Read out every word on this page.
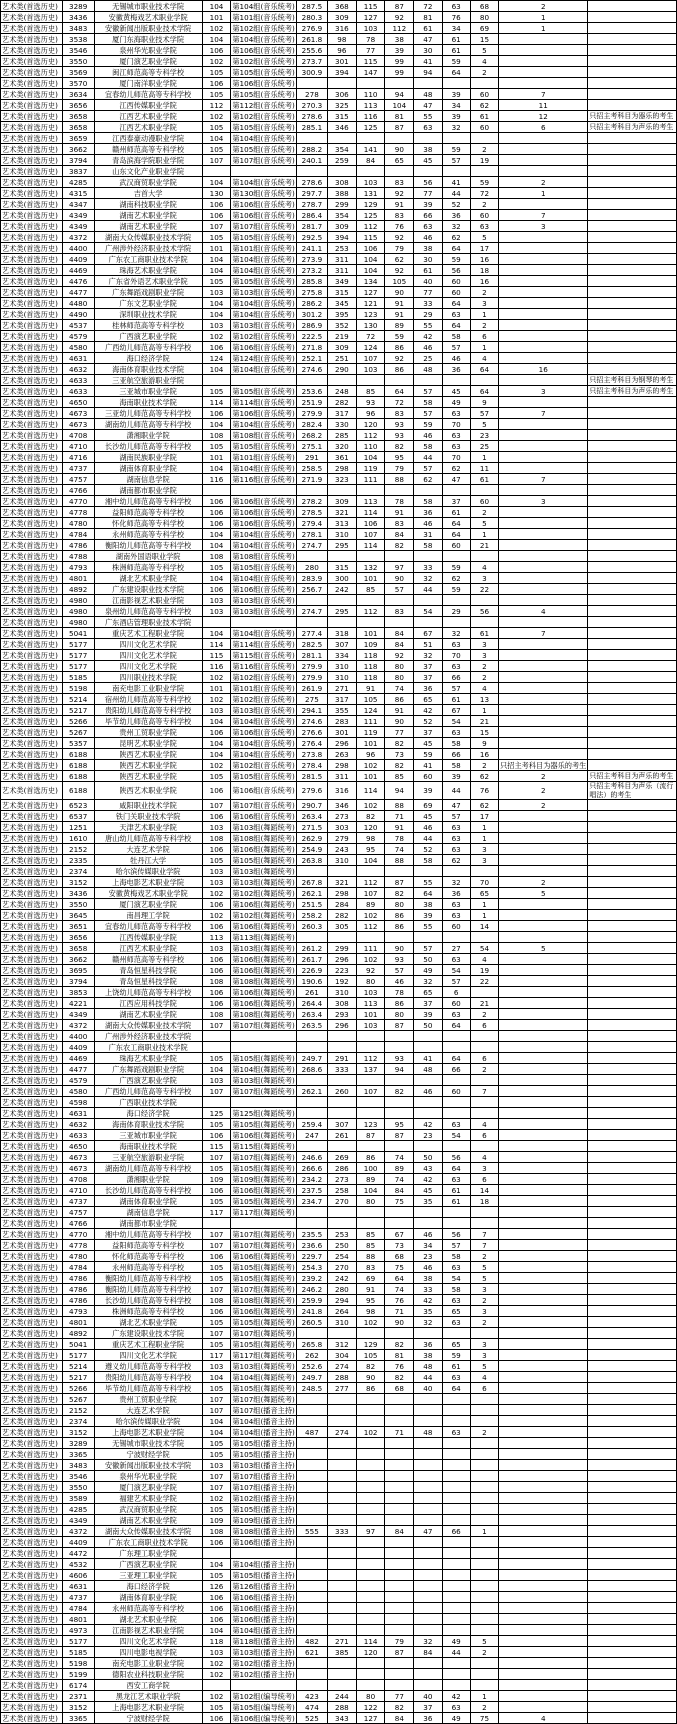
艺术类(首选历史)	3289	无锡城市职业技术学院	104	第104组(音乐统考)	287.5	368	115	87	72	63	68	2	
艺术类(首选历史)	3436	安徽黄梅戏艺术职业学院	101	第101组(音乐统考)	280.3	309	127	92	81	76	80	1	
艺术类(首选历史)	3483	安徽新闻出版职业技术学院	102	第102组(音乐统考)	276.9	316	103	112	61	34	69	1	
艺术类(首选历史)	3538	厦门东海职业技术学院	104	第104组(音乐统考)	261.8	98	78	38	47	61	15		
艺术类(首选历史)	3546	泉州华光职业学院	106	第106组(音乐统考)	255.6	96	77	39	30	61	5		
艺术类(首选历史)	3550	厦门演艺职业学院	102	第102组(音乐统考)	273.7	301	115	99	41	59	4		
艺术类(首选历史)	3569	闽江师范高等专科学校	105	第105组(音乐统考)	300.9	394	147	99	94	64	2		
艺术类(首选历史)	3570	厦门南洋职业学院	106	第106组(音乐统考)									
艺术类(首选历史)	3634	宜春幼儿师范高等专科学校	105	第105组(音乐统考)	278	306	110	94	48	39	60	7	
艺术类(首选历史)	3656	江西传媒职业学院	112	第112组(音乐统考)	270.3	325	113	104	47	34	62	11	
艺术类(首选历史)	3658	江西艺术职业学院	102	第102组(音乐统考)	278.6	315	116	81	55	39	61	12	只招主考科目为器乐的考生
艺术类(首选历史)	3658	江西艺术职业学院	105	第105组(音乐统考)	285.1	346	125	87	63	32	60	6	只招主考科目为声乐的考生
艺术类(首选历史)	3659	江西泰豪动漫职业学院	104	第104组(音乐统考)									
艺术类(首选历史)	3662	赣州师范高等专科学校	105	第105组(音乐统考)	288.2	354	141	90	38	59	2		
艺术类(首选历史)	3794	青岛滨海学院职业学院	107	第107组(音乐统考)	240.1	259	84	65	45	57	19		
艺术类(首选历史)	3837	山东文化产业职业学院											
艺术类(首选历史)	4285	武汉商贸职业学院	104	第104组(音乐统考)	278.6	308	103	83	56	41	59	2	
艺术类(首选历史)	4315	吉首大学	130	第130组(音乐统考)	297.7	388	131	92	77	44	72	1	
艺术类(首选历史)	4347	湖南科技职业学院	106	第106组(音乐统考)	278.7	299	129	91	39	52	2		
艺术类(首选历史)	4349	湖南艺术职业学院	106	第106组(音乐统考)	286.4	354	125	83	66	36	60	7	
艺术类(首选历史)	4349	湖南艺术职业学院	107	第107组(音乐统考)	281.7	309	112	76	63	32	63	3	
艺术类(首选历史)	4372	湖南大众传媒职业技术学院	105	第105组(音乐统考)	292.5	394	115	92	46	62	5		
艺术类(首选历史)	4400	广州涉外经济职业技术学院	101	第101组(音乐统考)	241.1	253	106	79	38	64	17		
艺术类(首选历史)	4409	广东农工商职业技术学院	104	第104组(音乐统考)	273.9	311	104	62	30	59	16		
艺术类(首选历史)	4469	珠海艺术职业学院	104	第104组(音乐统考)	273.2	311	104	92	61	56	18		
艺术类(首选历史)	4476	广东省外语艺术职业学院	105	第105组(音乐统考)	285.8	349	134	105	40	60	16		
艺术类(首选历史)	4477	广东舞蹈戏剧职业学院	103	第103组(音乐统考)	275.8	315	127	90	77	60	2		
艺术类(首选历史)	4480	广东文艺职业学院	104	第104组(音乐统考)	286.2	345	121	91	33	64	3		
艺术类(首选历史)	4490	深圳职业技术学院	104	第104组(音乐统考)	301.2	395	123	91	29	63	1		
艺术类(首选历史)	4537	桂林师范高等专科学校	103	第103组(音乐统考)	286.9	352	130	89	55	64	2		
艺术类(首选历史)	4579	广西演艺职业学院	102	第102组(音乐统考)	222.5	219	72	59	42	58	6		
艺术类(首选历史)	4580	广西幼儿师范高等专科学校	106	第106组(音乐统考)	271.8	309	124	86	46	57	1		
艺术类(首选历史)	4631	海口经济学院	124	第124组(音乐统考)	252.1	251	107	92	25	46	4		
艺术类(首选历史)	4632	海南体育职业技术学院	104	第104组(音乐统考)	274.6	290	103	86	48	36	64	16	
艺术类(首选历史)	4633	三亚航空旅游职业学院											只招主考科目为钢琴的考生
艺术类(首选历史)	4633	三亚城市职业学院	105	第105组(音乐统考)	253.6	248	85	64	57	45	64	3	只招主考科目为声乐的考生
艺术类(首选历史)	4650	海南职业技术学院	114	第114组(音乐统考)	251.9	282	93	72	58	49	9		
艺术类(首选历史)	4673	三亚幼儿师范高等专科学校	106	第106组(音乐统考)	279.9	317	96	83	57	63	57	7	
艺术类(首选历史)	4673	湖南幼儿师范高等专科学校	104	第104组(音乐统考)	282.4	330	120	93	59	70	5		
艺术类(首选历史)	4708	潇湘职业学院	108	第108组(音乐统考)	268.2	285	112	93	46	63	23		
艺术类(首选历史)	4710	长沙幼儿师范高等专科学校	105	第105组(音乐统考)	275.1	320	110	82	58	63	25		
艺术类(首选历史)	4716	湖南民族职业学院	101	第101组(音乐统考)	291	361	104	95	44	70	1		
艺术类(首选历史)	4737	湖南体育职业学院	104	第104组(音乐统考)	258.5	298	119	79	57	62	11		
艺术类(首选历史)	4757	湖南信息学院	116	第116组(音乐统考)	271.9	323	111	88	62	47	61	7	
艺术类(首选历史)	4766	湖南都市职业学院											
艺术类(首选历史)	4770	湘中幼儿师范高等专科学校	106	第106组(音乐统考)	278.2	309	113	78	58	37	60	3	
艺术类(首选历史)	4778	益阳师范高等专科学校	106	第106组(音乐统考)	278.5	321	114	91	36	61	2		
艺术类(首选历史)	4780	怀化师范高等专科学校	106	第106组(音乐统考)	279.4	313	106	83	46	64	5		
艺术类(首选历史)	4784	永州师范高等专科学校	104	第104组(音乐统考)	278.1	310	107	84	31	64	1		
艺术类(首选历史)	4786	衡阳幼儿师范高等专科学校	104	第104组(音乐统考)	274.7	295	114	82	58	60	21		
艺术类(首选历史)	4788	湖南外国语职业学院	108	第108组(音乐统考)									
艺术类(首选历史)	4793	株洲师范高等专科学校	105	第105组(音乐统考)	280	315	132	97	33	59	4		
艺术类(首选历史)	4801	湖北艺术职业学院	104	第104组(音乐统考)	283.9	300	101	90	32	62	3		
艺术类(首选历史)	4892	广东建设职业技术学院	106	第106组(音乐统考)	256.7	242	85	57	44	59	22		
艺术类(首选历史)	4980	江南影视艺术职业学院	103	第103组(音乐统考)									
艺术类(首选历史)	4980	泉州幼儿师范高等专科学校	103	第103组(音乐统考)	274.7	295	112	83	54	29	56	4	
艺术类(首选历史)	4980	广东酒店管理职业技术学院											
艺术类(首选历史)	5041	重庆艺术工程职业学院	104	第104组(音乐统考)	277.4	318	101	84	67	32	61	7	
艺术类(首选历史)	5177	四川文化艺术学院	114	第114组(音乐统考)	282.5	307	109	84	51	63	3		
艺术类(首选历史)	5177	四川文化艺术学院	115	第115组(音乐统考)	281.1	334	118	92	32	70	3		
艺术类(首选历史)	5177	四川文化艺术学院	116	第116组(音乐统考)	279.9	310	118	80	37	63	2		
艺术类(首选历史)	5185	四川职业技术学院	102	第102组(音乐统考)	279.9	310	118	80	37	66	2		
艺术类(首选历史)	5198	南充电影工业职业学院	101	第101组(音乐统考)	261.9	271	91	74	36	57	4		
艺术类(首选历史)	5214	宿州幼儿师范高等专科学校	102	第102组(音乐统考)	275	317	105	86	65	61	13		
艺术类(首选历史)	5217	贵阳幼儿师范高等专科学校	103	第103组(音乐统考)	294.1	355	124	91	42	67	1		
艺术类(首选历史)	5266	毕节幼儿师范高等专科学校	104	第104组(音乐统考)	274.6	283	111	90	52	54	21		
艺术类(首选历史)	5267	贵州工贸职业学院	106	第106组(音乐统考)	276.6	301	119	77	37	63	15		
艺术类(首选历史)	5357	昆明艺术职业学院	104	第104组(音乐统考)	276.4	296	101	82	45	58	9		
艺术类(首选历史)	6188	陕西艺术职业学院	104	第104组(音乐统考)	273.8	263	96	73	59	66	16		
艺术类(首选历史)	6188	陕西艺术职业学院	102	第102组(音乐统考)	278.4	298	102	82	41	58	2	只招主考科目为器乐的考生	
艺术类(首选历史)	6188	陕西艺术职业学院	105	第105组(音乐统考)	281.5	311	101	85	60	39	62	2	只招主考科目为声乐的考生
艺术类(首选历史)	6188	陕西艺术职业学院	106	第106组(音乐统考)	279.6	316	114	94	39	44	76	2	只招主考科目为声乐（流行唱法）的考生
艺术类(首选历史)	6523	咸阳职业技术学院	107	第107组(音乐统考)	290.7	346	102	88	69	47	62	2	
艺术类(首选历史)	6537	铁门关职业技术学院	106	第106组(音乐统考)	263.4	273	82	71	45	57	17		
艺术类(首选历史)	1251	天津艺术职业学院	103	第103组(舞蹈统考)	271.5	303	120	91	46	63	1		
艺术类(首选历史)	1610	唐山幼儿师范高等专科学校	108	第108组(舞蹈统考)	262.9	279	98	78	44	63	1		
艺术类(首选历史)	2152	大连艺术学院	106	第106组(舞蹈统考)	254.9	243	95	74	52	63	3		
艺术类(首选历史)	2335	牡丹江大学	105	第105组(舞蹈统考)	263.8	310	104	88	58	62	3		
艺术类(首选历史)	2374	哈尔滨传媒职业学院	103	第103组(舞蹈统考)									
艺术类(首选历史)	3152	上海电影艺术职业学院	103	第103组(舞蹈统考)	267.8	321	112	87	55	32	70	2	
艺术类(首选历史)	3436	安徽黄梅戏艺术职业学院	102	第102组(舞蹈统考)	262.1	298	107	82	64	36	65	5	
艺术类(首选历史)	3550	厦门演艺职业学院	106	第106组(舞蹈统考)	251.5	284	89	80	38	63	1		
艺术类(首选历史)	3645	南昌理工学院	102	第102组(舞蹈统考)	258.2	282	102	86	39	63	1		
艺术类(首选历史)	3651	宜春幼儿师范高等专科学校	106	第106组(舞蹈统考)	260.3	305	112	86	55	60	14		
艺术类(首选历史)	3656	江西传媒职业学院	113	第113组(舞蹈统考)									
艺术类(首选历史)	3658	江西艺术职业学院	103	第103组(舞蹈统考)	261.2	299	111	90	57	27	54	5	
艺术类(首选历史)	3662	赣州师范高等专科学校	106	第106组(舞蹈统考)	261.7	296	102	93	50	63	4		
艺术类(首选历史)	3695	青岛恒星科技学院	106	第106组(舞蹈统考)	226.9	223	92	57	49	54	19		
艺术类(首选历史)	3794	青岛恒星科技学院	108	第108组(舞蹈统考)	190.6	192	80	46	32	57	22		
艺术类(首选历史)	3853	上饶幼儿师范高等专科学校	106	第106组(舞蹈统考)	261	310	103	78	65	6			
艺术类(首选历史)	4221	江西应用科技学院	106	第106组(舞蹈统考)	264.4	308	113	86	37	60	21		
艺术类(首选历史)	4349	湖南艺术职业学院	108	第108组(舞蹈统考)	263.4	293	101	80	39	63	2		
艺术类(首选历史)	4372	湖南大众传媒职业技术学院	107	第107组(舞蹈统考)	263.5	296	103	87	50	64	6		
艺术类(首选历史)	4400	广州涉外经济职业技术学院											
艺术类(首选历史)	4409	广东农工商职业技术学院											
艺术类(首选历史)	4469	珠海艺术职业学院	105	第105组(舞蹈统考)	249.7	291	112	93	41	64	6		
艺术类(首选历史)	4477	广东舞蹈戏剧职业学院	104	第104组(舞蹈统考)	268.6	333	137	94	48	66	2		
艺术类(首选历史)	4579	广西演艺职业学院	103	第103组(舞蹈统考)									
艺术类(首选历史)	4580	广西幼儿师范高等专科学校	107	第107组(舞蹈统考)	262.1	260	107	82	46	60	7		
艺术类(首选历史)	4598	广西职业技术学院											
艺术类(首选历史)	4631	海口经济学院	125	第125组(舞蹈统考)									
艺术类(首选历史)	4632	海南体育职业技术学院	105	第105组(舞蹈统考)	259.4	307	123	95	42	63	4		
艺术类(首选历史)	4633	三亚城市职业学院	106	第106组(舞蹈统考)	247	261	87	87	23	54	6		
艺术类(首选历史)	4650	海南职业技术学院	115	第115组(舞蹈统考)									
艺术类(首选历史)	4673	三亚航空旅游职业学院	107	第107组(舞蹈统考)	246.6	269	86	74	50	56	4		
艺术类(首选历史)	4673	湖南幼儿师范高等专科学校	105	第105组(舞蹈统考)	266.6	286	100	89	43	64	3		
艺术类(首选历史)	4708	潇湘职业学院	109	第109组(舞蹈统考)	234.2	273	89	74	42	63	6		
艺术类(首选历史)	4710	长沙幼儿师范高等专科学校	106	第106组(舞蹈统考)	237.5	258	104	84	45	61	14		
艺术类(首选历史)	4737	湖南体育职业学院	105	第105组(舞蹈统考)	234.7	270	80	75	35	61	18		
艺术类(首选历史)	4757	湖南信息学院	117	第117组(舞蹈统考)									
艺术类(首选历史)	4766	湖南都市职业学院											
艺术类(首选历史)	4770	湘中幼儿师范高等专科学校	107	第107组(舞蹈统考)	235.5	253	85	67	46	56	7		
艺术类(首选历史)	4778	益阳师范高等专科学校	107	第107组(舞蹈统考)	236.6	250	85	73	34	57	7		
艺术类(首选历史)	4780	怀化师范高等专科学校	106	第106组(舞蹈统考)	229.7	254	88	68	23	58	2		
艺术类(首选历史)	4784	永州师范高等专科学校	105	第105组(舞蹈统考)	254.3	270	83	75	46	63	5		
艺术类(首选历史)	4786	衡阳幼儿师范高等专科学校	105	第105组(舞蹈统考)	239.2	242	69	64	38	54	5		
艺术类(首选历史)	4786	衡阳幼儿师范高等专科学校	107	第107组(舞蹈统考)	246.2	280	91	74	33	58	3		
艺术类(首选历史)	4786	长沙幼儿师范高等专科学校	108	第108组(舞蹈统考)	259.9	294	95	76	42	63	2		
艺术类(首选历史)	4793	株洲师范高等专科学校	106	第106组(舞蹈统考)	241.8	264	98	71	35	65	3		
艺术类(首选历史)	4801	湖北艺术职业学院	105	第105组(舞蹈统考)	260.5	310	102	90	32	63	2		
艺术类(首选历史)	4892	广东建设职业技术学院	107	第107组(舞蹈统考)									
艺术类(首选历史)	5041	重庆艺术工程职业学院	105	第105组(舞蹈统考)	265.8	312	129	82	36	65	3		
艺术类(首选历史)	5177	四川文化艺术学院	117	第117组(舞蹈统考)	262	304	105	81	38	59	3		
艺术类(首选历史)	5214	遵义幼儿师范高等专科学校	103	第103组(舞蹈统考)	252.6	274	82	76	48	61	5		
艺术类(首选历史)	5217	贵阳幼儿师范高等专科学校	104	第104组(舞蹈统考)	249.7	288	90	82	44	63	4		
艺术类(首选历史)	5266	毕节幼儿师范高等专科学校	105	第105组(舞蹈统考)	248.5	277	86	68	40	64	6		
艺术类(首选历史)	5267	贵州工贸职业学院	107	第107组(舞蹈统考)									
艺术类(首选历史)	2152	大连艺术学院	107	第107组(播音主持)									
艺术类(首选历史)	2374	哈尔滨传媒职业学院	104	第104组(播音主持)									
艺术类(首选历史)	3152	上海电影艺术职业学院	104	第104组(播音主持)	487	274	102	71	48	63	2		
艺术类(首选历史)	3289	无锡城市职业技术学院	105	第105组(播音主持)									
艺术类(首选历史)	3365	宁波财经学院	105	第105组(播音主持)									
艺术类(首选历史)	3483	安徽新闻出版职业技术学院	103	第103组(播音主持)									
艺术类(首选历史)	3546	泉州华光职业学院	107	第107组(播音主持)									
艺术类(首选历史)	3550	厦门演艺职业学院	107	第107组(播音主持)									
艺术类(首选历史)	3589	福建艺术职业学院	102	第102组(播音主持)									
艺术类(首选历史)	4285	武汉商贸职业学院	105	第105组(播音主持)									
艺术类(首选历史)	4349	湖南艺术职业学院	109	第109组(播音主持)									
艺术类(首选历史)	4372	湖南大众传媒职业技术学院	108	第108组(播音主持)	555	333	97	84	47	66	1		
艺术类(首选历史)	4409	广东农工商职业技术学院	106	第106组(播音主持)									
艺术类(首选历史)	4472	广东理工职业学院											
艺术类(首选历史)	4532	广西演艺职业学院	104	第104组(播音主持)									
艺术类(首选历史)	4606	三亚理工职业学院	105	第105组(播音主持)									
艺术类(首选历史)	4631	海口经济学院	126	第126组(播音主持)									
艺术类(首选历史)	4737	湖南体育职业学院	106	第106组(播音主持)									
艺术类(首选历史)	4784	永州师范高等专科学校	106	第106组(播音主持)									
艺术类(首选历史)	4801	湖北艺术职业学院	106	第106组(播音主持)									
艺术类(首选历史)	4973	江南影视艺术职业学院	104	第104组(播音主持)									
艺术类(首选历史)	5177	四川文化艺术学院	118	第118组(播音主持)	482	271	114	79	32	49	5		
艺术类(首选历史)	5185	四川电影电视学院	103	第103组(播音主持)	621	385	120	87	84	44	2		
艺术类(首选历史)	5198	南充电影工业职业学院	102	第102组(播音主持)									
艺术类(首选历史)	5199	德阳农业科技职业学院	102	第102组(播音主持)									
艺术类(首选历史)	6174	西安工商学院											
艺术类(首选历史)	2371	黑龙江艺术职业学院	102	第102组(编导统考)	423	244	80	77	40	42	1		
艺术类(首选历史)	3152	上海电影艺术职业学院	105	第105组(编导统考)	474	288	122	82	37	63	2		
艺术类(首选历史)	3365	宁波财经学院	106	第106组(编导统考)	525	343	127	84	36	49	75	4	
